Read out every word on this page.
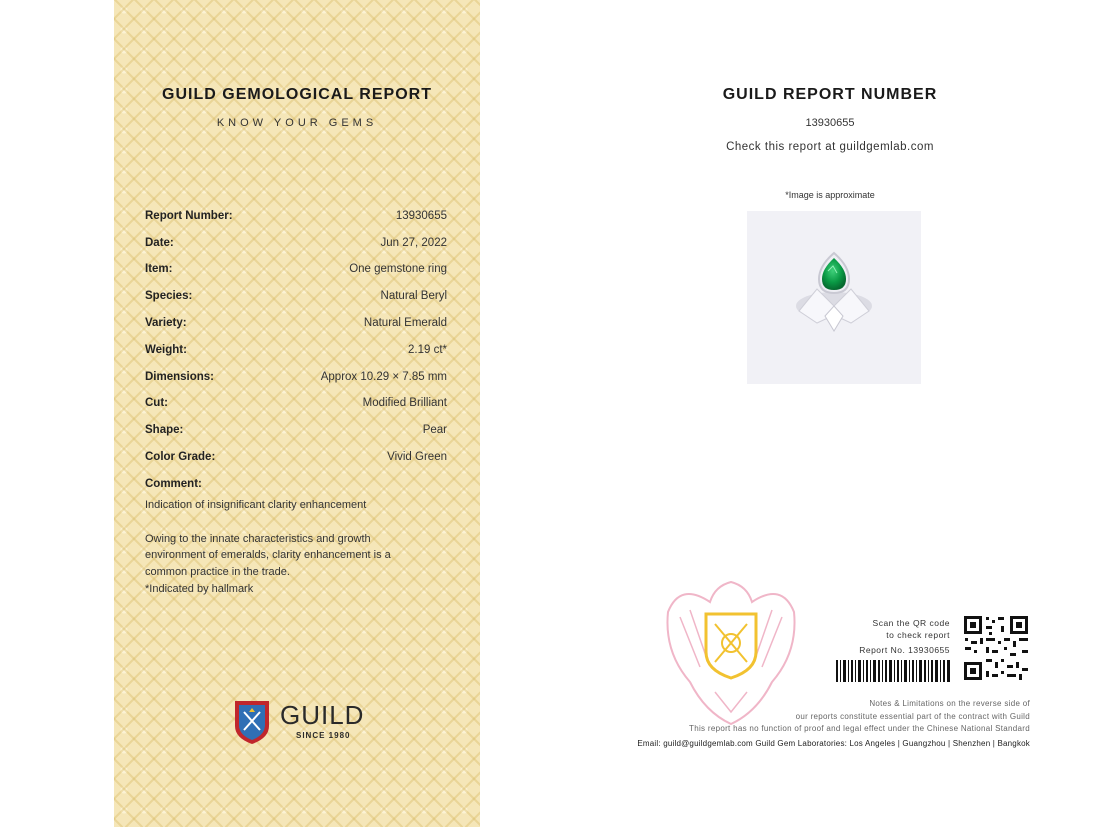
GUILD GEMOLOGICAL REPORT
KNOW YOUR GEMS
Report Number:	13930655
Date:	Jun 27, 2022
Item:	One gemstone ring
Species:	Natural Beryl
Variety:	Natural Emerald
Weight:	2.19 ct*
Dimensions:	Approx 10.29 × 7.85 mm
Cut:	Modified Brilliant
Shape:	Pear
Color Grade:	Vivid Green
Comment:
Indication of insignificant clarity enhancement
Owing to the innate characteristics and growth
environment of emeralds, clarity enhancement is a
common practice in the trade.
*Indicated by hallmark
GUILD
SINCE 1980
GUILD REPORT NUMBER
13930655
Check this report at guildgemlab.com
*Image is approximate
Scan the QR code
to check report
Report No. 13930655
Notes & Limitations on the reverse side of
our reports constitute essential part of the contract with Guild
This report has no function of proof and legal effect under the Chinese National Standard
Email: guild@guildgemlab.com Guild Gem Laboratories: Los Angeles | Guangzhou | Shenzhen | Bangkok
